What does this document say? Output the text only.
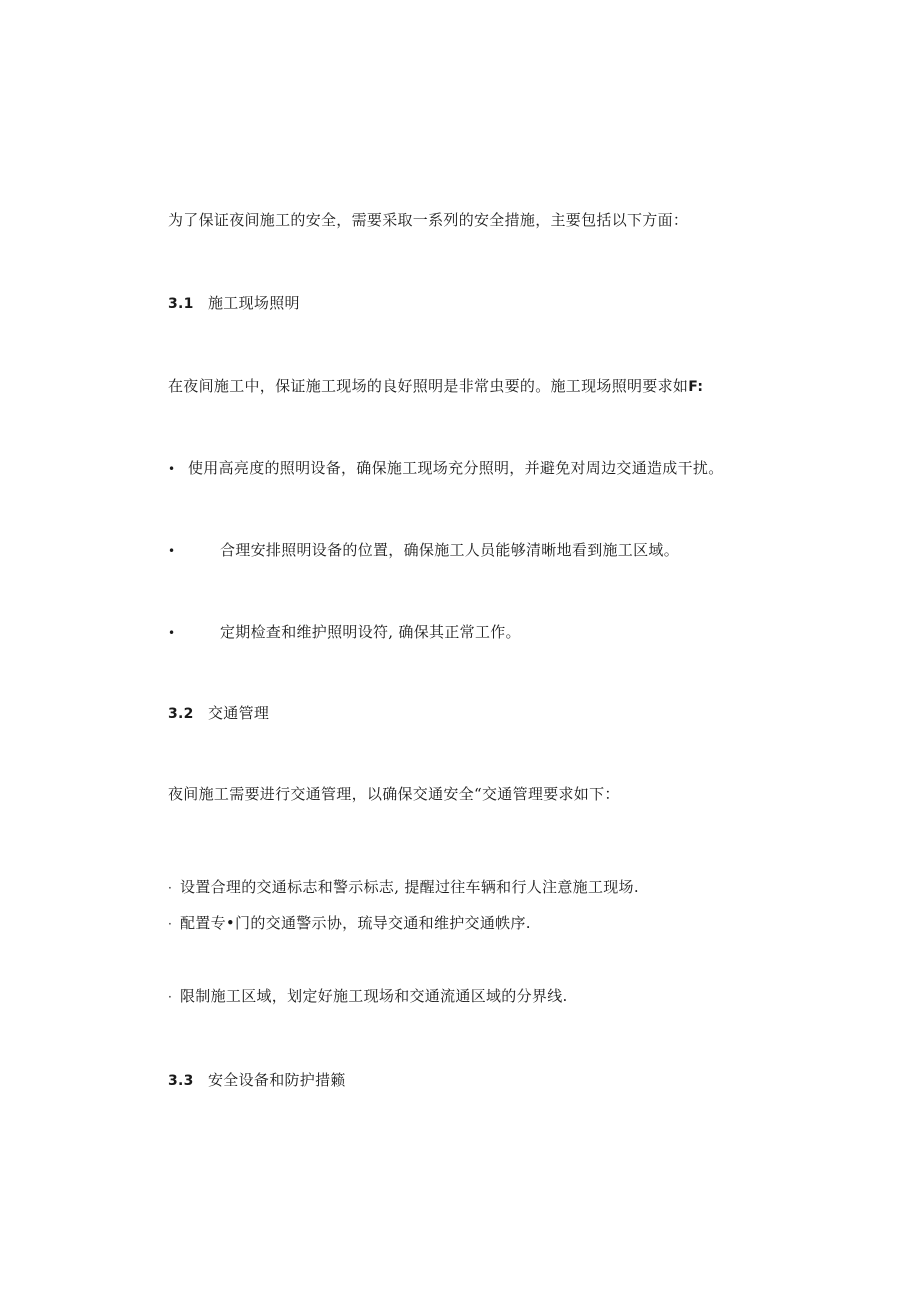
为了保证夜间施工的安全，需要采取一系列的安全措施，主要包括以下方面：
3.1 施工现场照明
在夜间施工中，保证施工现场的良好照明是非常虫要的。施工现场照明要求如F:
• 使用高亮度的照明设备，确保施工现场充分照明，并避免对周边交通造成干扰。
•	合理安排照明设备的位置，确保施工人员能够清晰地看到施工区域。
•	定期检查和维护照明设符, 确保其正常工作。
3.2 交通管理
夜间施工需要进行交通管理，以确保交通安全“交通管理要求如下：
· 设置合理的交通标志和警示标志, 提醒过往车辆和行人注意施工现场.
· 配置专•门的交通警示协，琉导交通和维护交通帙序.
· 限制施工区域，划定好施工现场和交通流通区域的分界线.
3.3 安全设备和防护措籁
